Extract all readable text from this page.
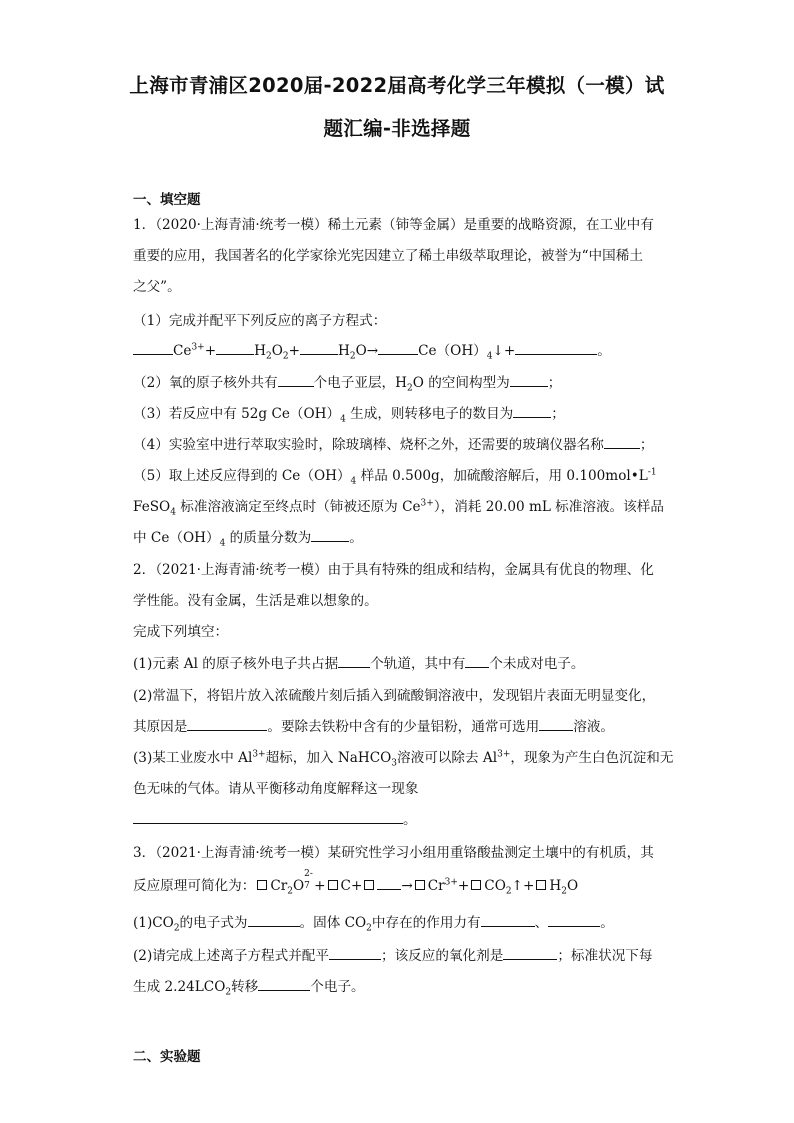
上海市青浦区2020届-2022届高考化学三年模拟（一模）试
题汇编-非选择题
一、填空题
1．（2020·上海青浦·统考一模）稀土元素（铈等金属）是重要的战略资源，在工业中有
重要的应用，我国著名的化学家徐光宪因建立了稀土串级萃取理论，被誉为“中国稀土
之父”。
（1）完成并配平下列反应的离子方程式：
$Ce^{3+}+$	$H_2O_2+$	$H_2O\to$	$Ce(OH)_4↓+$	。
（2）氧的原子核外共有	个电子亚层，$H_2O$ 的空间构型为	；
（3）若反应中有 52g $Ce(OH)_4$ 生成，则转移电子的数目为	；
（4）实验室中进行萃取实验时，除玻璃棒、烧杯之外，还需要的玻璃仪器名称	；
（5）取上述反应得到的 $Ce(OH)_4$ 样品 0.500g，加硫酸溶解后，用 $0.100mol•L^{-1}$
FeSO$_4$ 标准溶液滴定至终点时（铈被还原为 $Ce^{3+}$），消耗 20.00 mL 标准溶液。该样品
中 $Ce(OH)_4$ 的质量分数为	。
2．（2021·上海青浦·统考一模）由于具有特殊的组成和结构，金属具有优良的物理、化
学性能。没有金属，生活是难以想象的。
完成下列填空：
(1)元素 Al 的原子核外电子共占据 个轨道，其中有 个未成对电子。
(2)常温下，将铝片放入浓硫酸片刻后插入到硫酸铜溶液中，发现铝片表面无明显变化，
其原因是	。要除去铁粉中含有的少量铝粉，通常可选用	溶液。
(3)某工业废水中 $Al^{3+}$超标，加入 NaHCO$_3$溶液可以除去 $Al^{3+}$，现象为产生白色沉淀和无
色无味的气体。请从平衡移动角度解释这一现象
。
3．（2021·上海青浦·统考一模）某研究性学习小组用重铬酸盐测定土壤中的有机质，其
反应原理可简化为： $Cr_2O$
2-
7 + C+	→ $Cr^{3+}+$ $CO_2↑+ H_2O$
$(1)CO_2$的电子式为	。固体 $CO_2$中存在的作用力有	、	。
(2)请完成上述离子方程式并配平	；该反应的氧化剂是	；标准状况下每
生成 $2.24LCO_2$转移	个电子。
二、实验题
